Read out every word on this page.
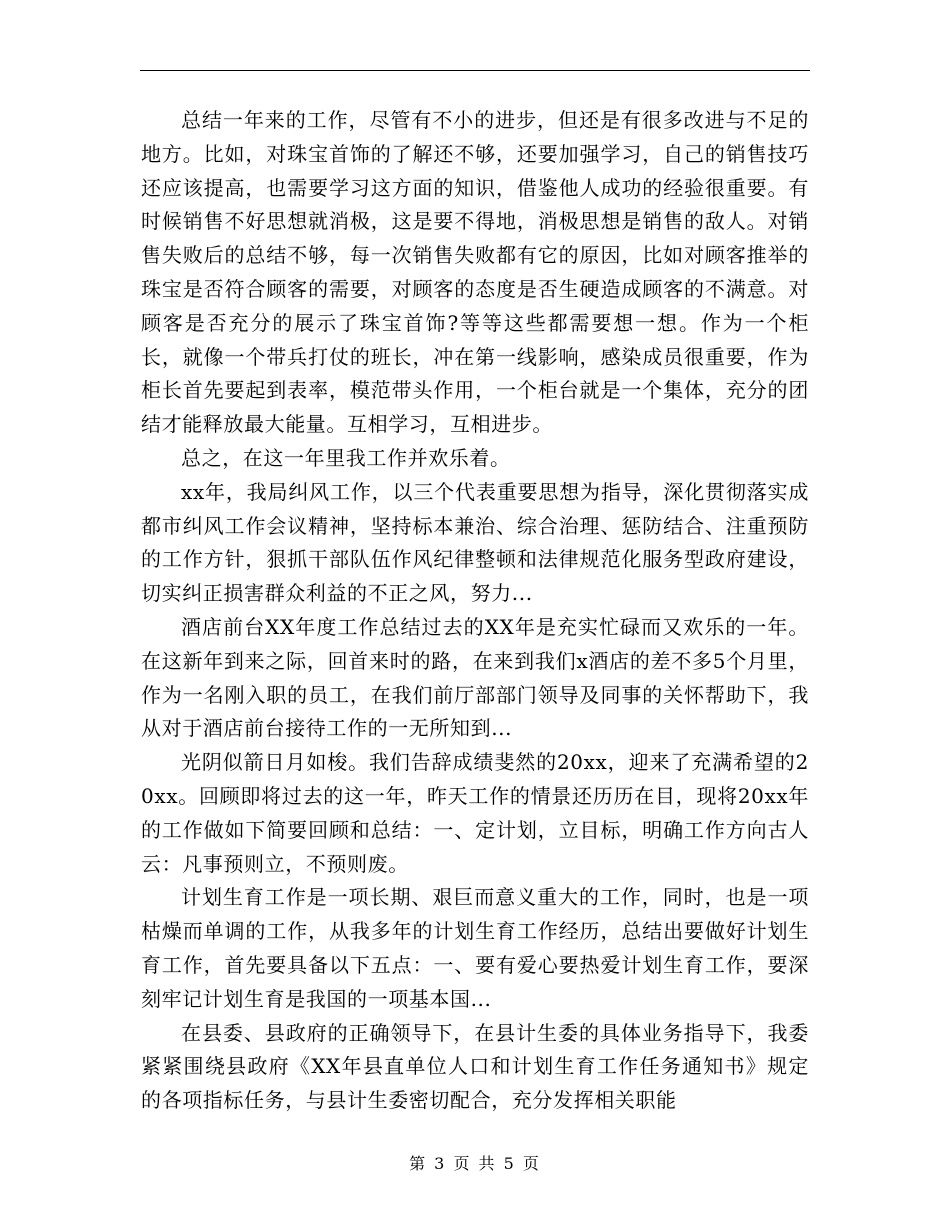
总结一年来的工作，尽管有不小的进步，但还是有很多改进与不足的地方。比如，对珠宝首饰的了解还不够，还要加强学习，自己的销售技巧还应该提高，也需要学习这方面的知识，借鉴他人成功的经验很重要。有时候销售不好思想就消极，这是要不得地，消极思想是销售的敌人。对销售失败后的总结不够，每一次销售失败都有它的原因，比如对顾客推举的珠宝是否符合顾客的需要，对顾客的态度是否生硬造成顾客的不满意。对顾客是否充分的展示了珠宝首饰?等等这些都需要想一想。作为一个柜长，就像一个带兵打仗的班长，冲在第一线影响，感染成员很重要，作为柜长首先要起到表率，模范带头作用，一个柜台就是一个集体，充分的团结才能释放最大能量。互相学习，互相进步。

总之，在这一年里我工作并欢乐着。

xx年，我局纠风工作，以三个代表重要思想为指导，深化贯彻落实成都市纠风工作会议精神，坚持标本兼治、综合治理、惩防结合、注重预防的工作方针，狠抓干部队伍作风纪律整顿和法律规范化服务型政府建设，切实纠正损害群众利益的不正之风，努力...

酒店前台XX年度工作总结过去的XX年是充实忙碌而又欢乐的一年。在这新年到来之际，回首来时的路，在来到我们x酒店的差不多5个月里，作为一名刚入职的员工，在我们前厅部部门领导及同事的关怀帮助下，我从对于酒店前台接待工作的一无所知到...

光阴似箭日月如梭。我们告辞成绩斐然的20xx，迎来了充满希望的20xx。回顾即将过去的这一年，昨天工作的情景还历历在目，现将20xx年的工作做如下简要回顾和总结：一、定计划，立目标，明确工作方向古人云：凡事预则立，不预则废。

计划生育工作是一项长期、艰巨而意义重大的工作，同时，也是一项枯燥而单调的工作，从我多年的计划生育工作经历，总结出要做好计划生育工作，首先要具备以下五点：一、要有爱心要热爱计划生育工作，要深刻牢记计划生育是我国的一项基本国...

在县委、县政府的正确领导下，在县计生委的具体业务指导下，我委紧紧围绕县政府《XX年县直单位人口和计划生育工作任务通知书》规定的各项指标任务，与县计生委密切配合，充分发挥相关职能

第 3 页 共 5 页
